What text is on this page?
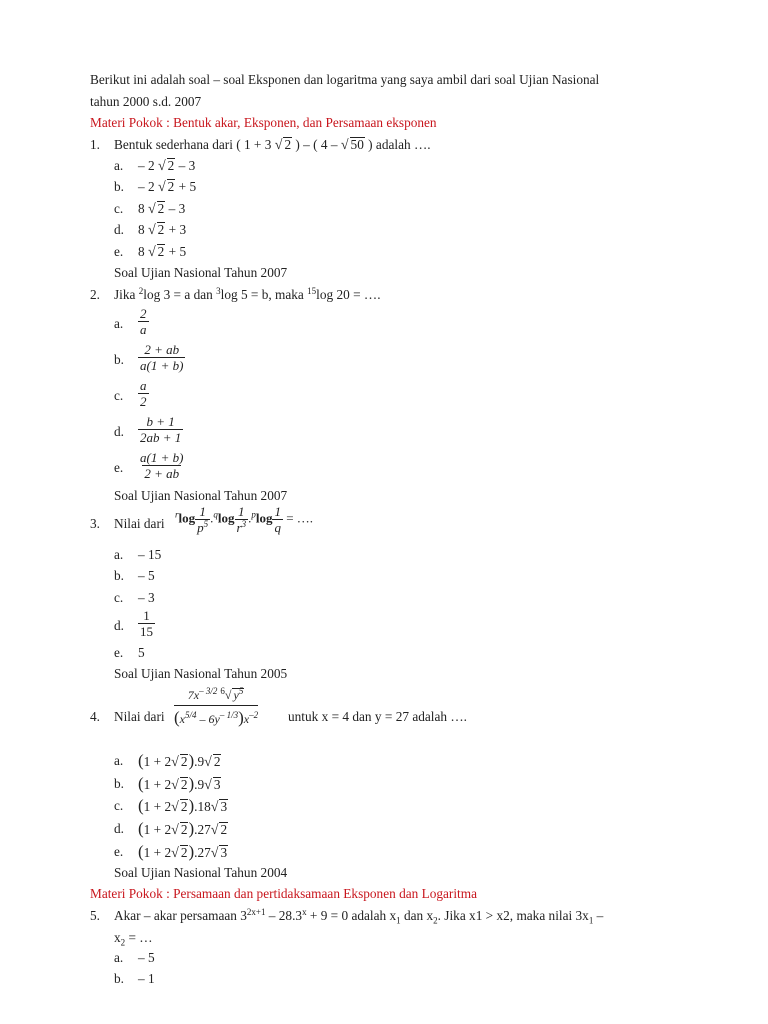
Berikut ini adalah soal – soal Eksponen dan logaritma yang saya ambil dari soal Ujian Nasional
tahun 2000 s.d. 2007
Materi Pokok : Bentuk akar, Eksponen, dan Persamaan eksponen
1. Bentuk sederhana dari ( 1 + 3 √ 2 ) – ( 4 – √ 50 ) adalah ….
a. – 2 √ 2 – 3
b. – 2 √ 2 + 5
c. 8 √ 2 – 3
d. 8 √ 2 + 3
e. 8 √ 2 + 5
Soal Ujian Nasional Tahun 2007
2. Jika $^2$log 3 = a dan $^3$log 5 = b, maka $^{15}$log 20 = ….
a. $\frac{2}{a}$
b. $\frac{2 + ab}{a(1 + b)}$
c. $\frac{a}{2}$
d. $\frac{b + 1}{2ab + 1}$
e. $\frac{a(1 + b)}{2 + ab}$
Soal Ujian Nasional Tahun 2007
3. Nilai dari
$^r\log \frac{1}{p^5} .^q\log \frac{1}{r^3} .^p\log \frac{1}{q}$ = ….
a. – 15
b. – 5
c. – 3
d. $\frac{1}{15}$
e. 5
Soal Ujian Nasional Tahun 2005
4. Nilai dari $\frac{7x^{- 3/2} ^6√ y^5}{(x^{5/4} - 6y^{- 1/3})x^{-2}}$ untuk x = 4 dan y = 27 adalah ….
a. (1 + 2√ 2).9√ 2
b. (1 + 2√ 2).9√ 3
c. (1 + 2√ 2).18√ 3
d. (1 + 2√ 2).27√ 2
e. (1 + 2√ 2).27√ 3
Soal Ujian Nasional Tahun 2004
Materi Pokok : Persamaan dan pertidaksamaan Eksponen dan Logaritma
5. Akar – akar persamaan $3^{2x+1} - 28.3^x + 9 = 0$ adalah $x_1$ dan $x_2$. Jika x1 > x2, maka nilai $3x_1$ –
$x_2$ = …
a. – 5
b. – 1
